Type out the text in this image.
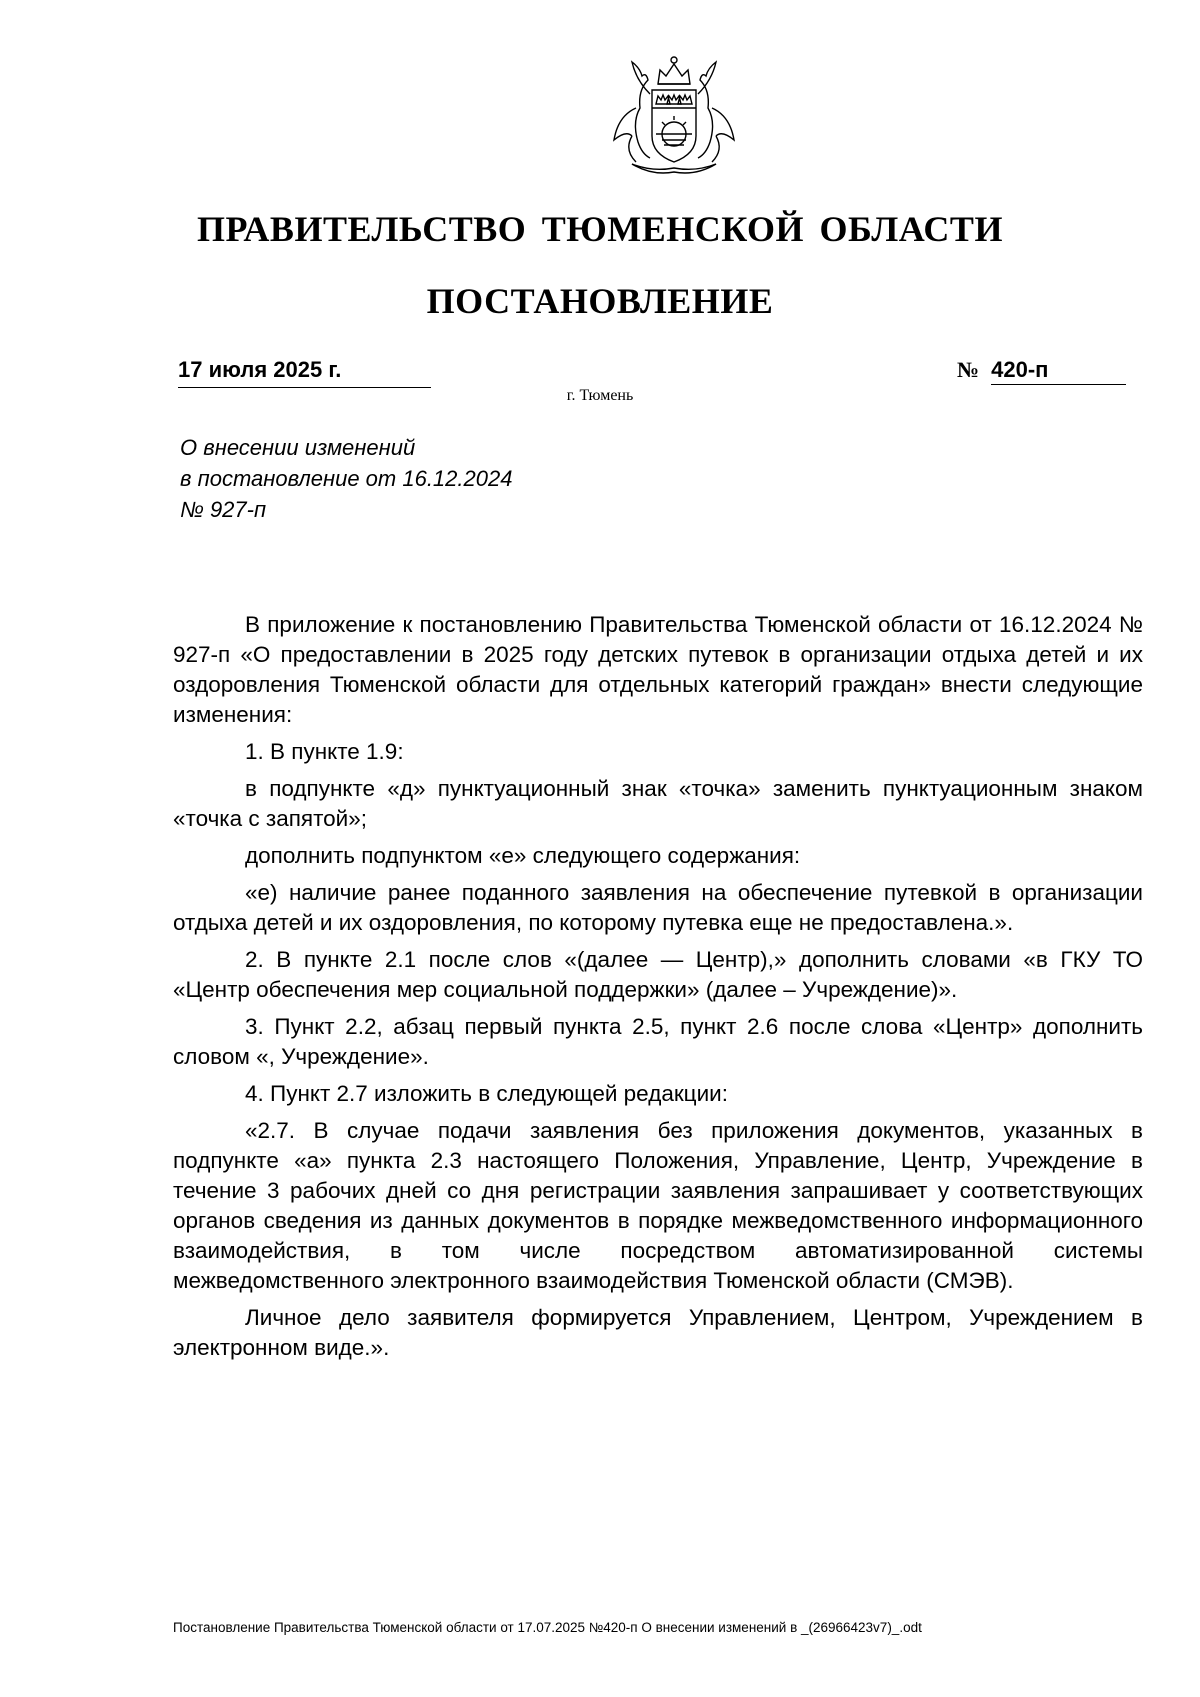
ПРАВИТЕЛЬСТВО ТЮМЕНСКОЙ ОБЛАСТИ
ПОСТАНОВЛЕНИЕ
17 июля 2025 г.	№ 420-п
г. Тюмень
О внесении изменений
в постановление от 16.12.2024
№ 927-п

В приложение к постановлению Правительства Тюменской области от 16.12.2024 № 927-п «О предоставлении в 2025 году детских путевок в организации отдыха детей и их оздоровления Тюменской области для отдельных категорий граждан» внести следующие изменения:

1. В пункте 1.9:

в подпункте «д» пунктуационный знак «точка» заменить пунктуационным знаком «точка с запятой»;

дополнить подпунктом «е» следующего содержания:

«е) наличие ранее поданного заявления на обеспечение путевкой в организации отдыха детей и их оздоровления, по которому путевка еще не предоставлена.».

2. В пункте 2.1 после слов «(далее — Центр),» дополнить словами «в ГКУ ТО «Центр обеспечения мер социальной поддержки» (далее – Учреждение)».

3. Пункт 2.2, абзац первый пункта 2.5, пункт 2.6 после слова «Центр» дополнить словом «, Учреждение».

4. Пункт 2.7 изложить в следующей редакции:

«2.7. В случае подачи заявления без приложения документов, указанных в подпункте «а» пункта 2.3 настоящего Положения, Управление, Центр, Учреждение в течение 3 рабочих дней со дня регистрации заявления запрашивает у соответствующих органов сведения из данных документов в порядке межведомственного информационного взаимодействия, в том числе посредством автоматизированной системы межведомственного электронного взаимодействия Тюменской области (СМЭВ).

Личное дело заявителя формируется Управлением, Центром, Учреждением в электронном виде.».

Постановление Правительства Тюменской области от 17.07.2025 №420-п О внесении изменений в _(26966423v7)_.odt
